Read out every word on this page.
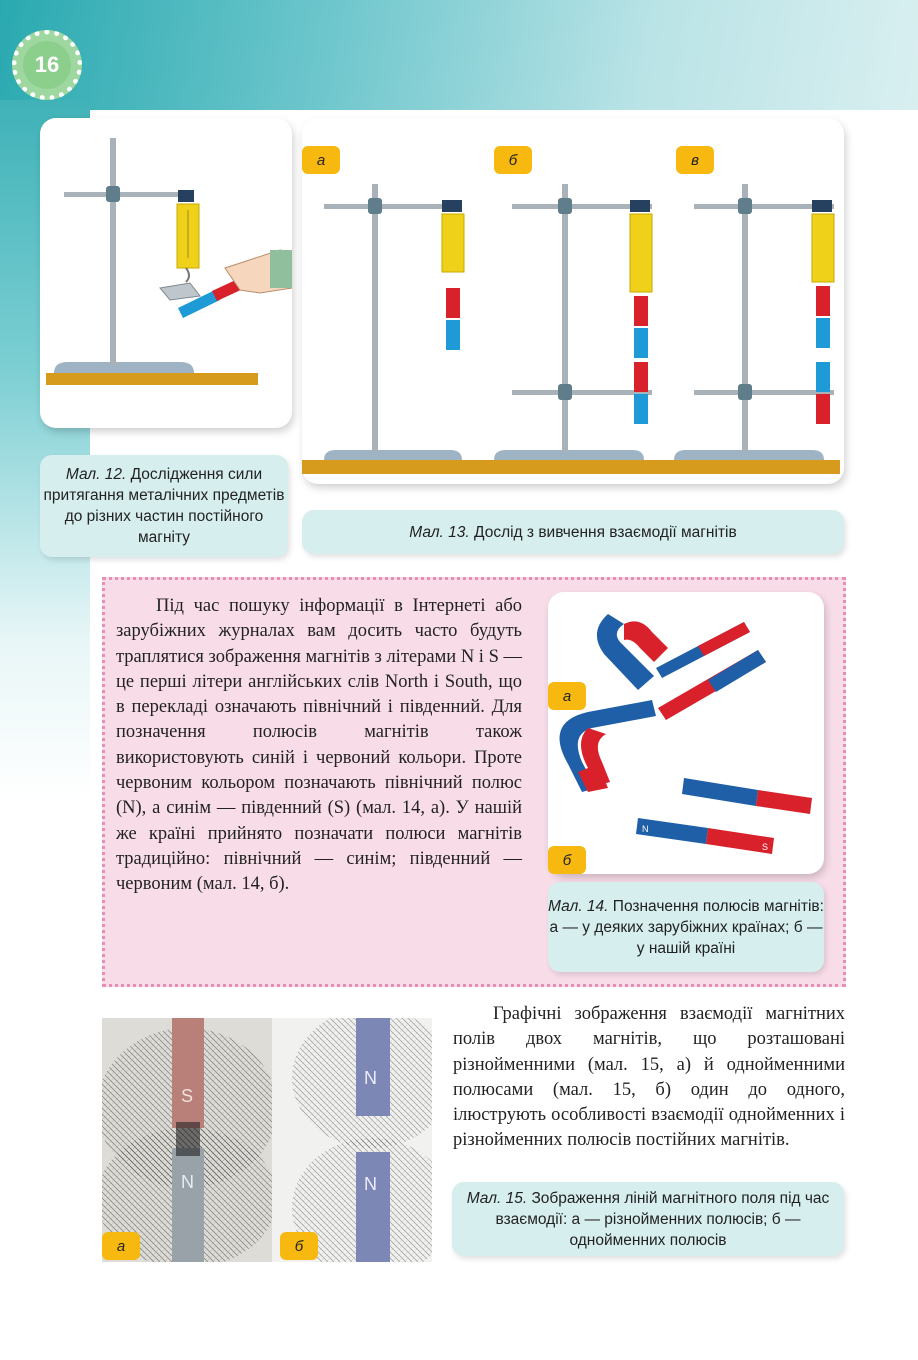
16
Мал. 12. Дослідження сили притягання металічних предметів до різних частин постійного магніту
а	б	в
Мал. 13. Дослід з вивчення взаємодії магнітів

Під час пошуку інформації в Інтернеті або зарубіжних журналах вам досить часто будуть траплятися зображення магнітів з літерами N і S — це перші літери англійських слів North і South, що в перекладі означають північний і південний. Для позначення полюсів магнітів також використовують синій і червоний кольори. Проте червоним кольором позначають північний полюс (N), а синім — південний (S) (мал. 14, а). У нашій же країні прийнято позначати полюси магнітів традиційно: північний — синім; південний — червоним (мал. 14, б).

N
S
а
б
Мал. 14. Позначення полюсів магнітів: а — у деяких зарубіжних країнах; б — у нашій країні
S
N
N
N
а	б

Графічні зображення взаємодії магнітних полів двох магнітів, що розташовані різнойменними (мал. 15, а) й однойменними полюсами (мал. 15, б) один до одного, ілюструють особливості взаємодії однойменних і різнойменних полюсів постійних магнітів.

Мал. 15. Зображення ліній магнітного поля під час взаємодії: а — різнойменних полюсів; б — однойменних полюсів
